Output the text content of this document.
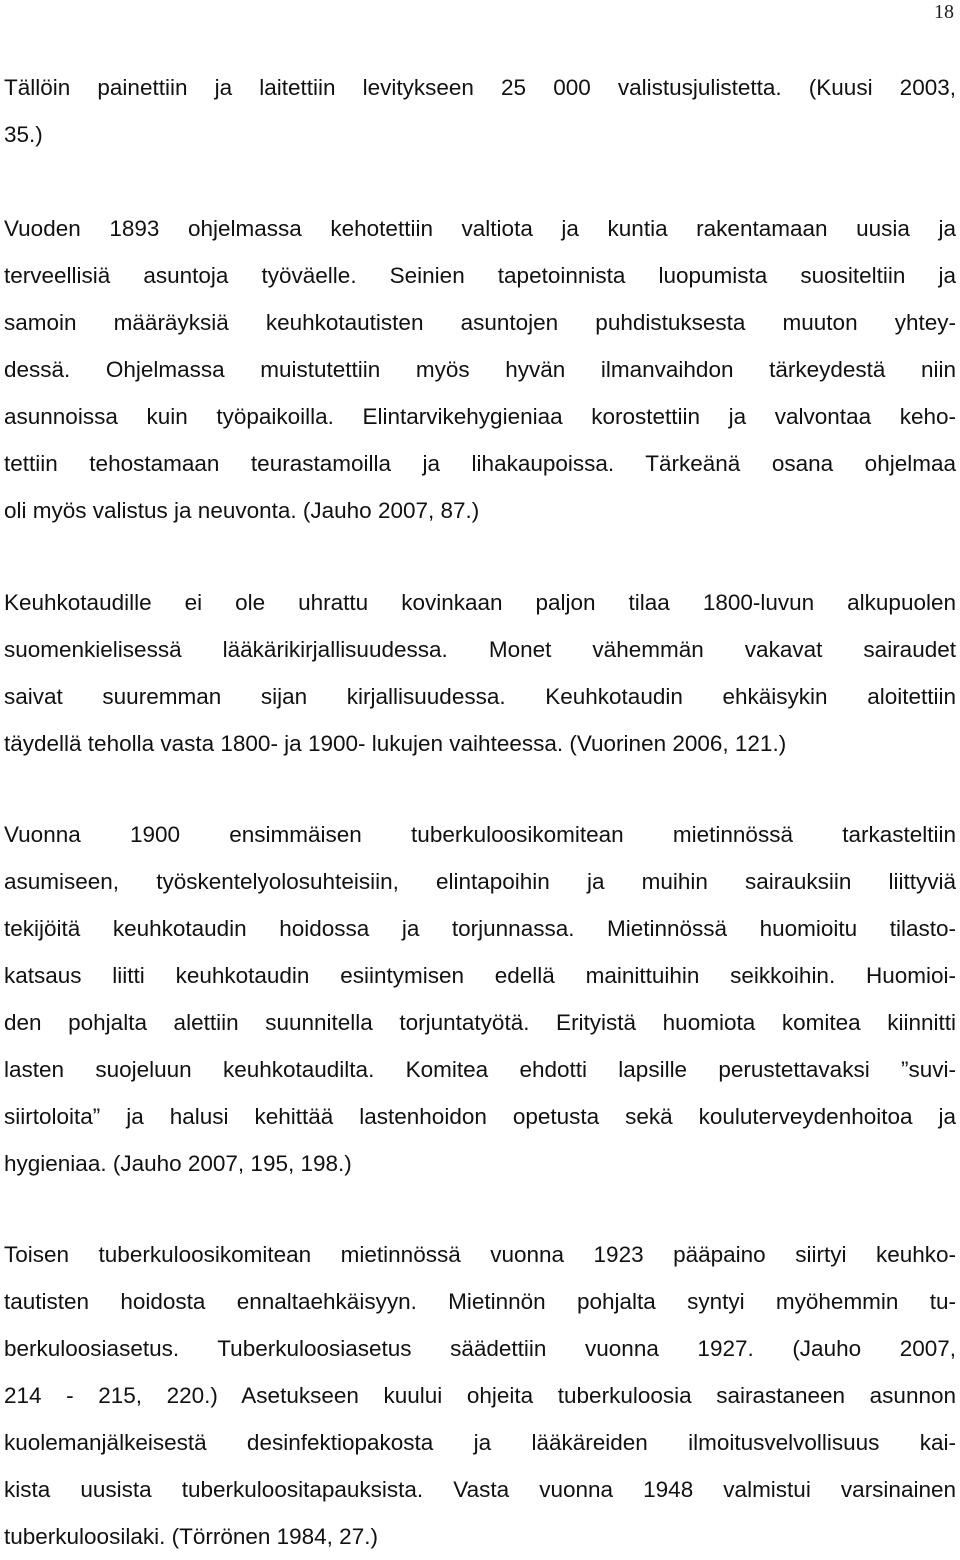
18
Tällöin painettiin ja laitettiin levitykseen 25 000 valistusjulistetta. (Kuusi 2003,
35.)
Vuoden 1893 ohjelmassa kehotettiin valtiota ja kuntia rakentamaan uusia ja
terveellisiä asuntoja työväelle. Seinien tapetoinnista luopumista suositeltiin ja
samoin määräyksiä keuhkotautisten asuntojen puhdistuksesta muuton yhtey-
dessä. Ohjelmassa muistutettiin myös hyvän ilmanvaihdon tärkeydestä niin
asunnoissa kuin työpaikoilla. Elintarvikehygieniaa korostettiin ja valvontaa keho-
tettiin tehostamaan teurastamoilla ja lihakaupoissa. Tärkeänä osana ohjelmaa
oli myös valistus ja neuvonta. (Jauho 2007, 87.)
Keuhkotaudille ei ole uhrattu kovinkaan paljon tilaa 1800-luvun alkupuolen
suomenkielisessä lääkärikirjallisuudessa. Monet vähemmän vakavat sairaudet
saivat suuremman sijan kirjallisuudessa. Keuhkotaudin ehkäisykin aloitettiin
täydellä teholla vasta 1800- ja 1900- lukujen vaihteessa. (Vuorinen 2006, 121.)
Vuonna 1900 ensimmäisen tuberkuloosikomitean mietinnössä tarkasteltiin
asumiseen, työskentelyolosuhteisiin, elintapoihin ja muihin sairauksiin liittyviä
tekijöitä keuhkotaudin hoidossa ja torjunnassa. Mietinnössä huomioitu tilasto-
katsaus liitti keuhkotaudin esiintymisen edellä mainittuihin seikkoihin. Huomioi-
den pohjalta alettiin suunnitella torjuntatyötä. Erityistä huomiota komitea kiinnitti
lasten suojeluun keuhkotaudilta. Komitea ehdotti lapsille perustettavaksi ”suvi-
siirtoloita” ja halusi kehittää lastenhoidon opetusta sekä kouluterveydenhoitoa ja
hygieniaa. (Jauho 2007, 195, 198.)
Toisen tuberkuloosikomitean mietinnössä vuonna 1923 pääpaino siirtyi keuhko-
tautisten hoidosta ennaltaehkäisyyn. Mietinnön pohjalta syntyi myöhemmin tu-
berkuloosiasetus. Tuberkuloosiasetus säädettiin vuonna 1927. (Jauho 2007,
214 - 215, 220.) Asetukseen kuului ohjeita tuberkuloosia sairastaneen asunnon
kuolemanjälkeisestä desinfektiopakosta ja lääkäreiden ilmoitusvelvollisuus kai-
kista uusista tuberkuloositapauksista. Vasta vuonna 1948 valmistui varsinainen
tuberkuloosilaki. (Törrönen 1984, 27.)
